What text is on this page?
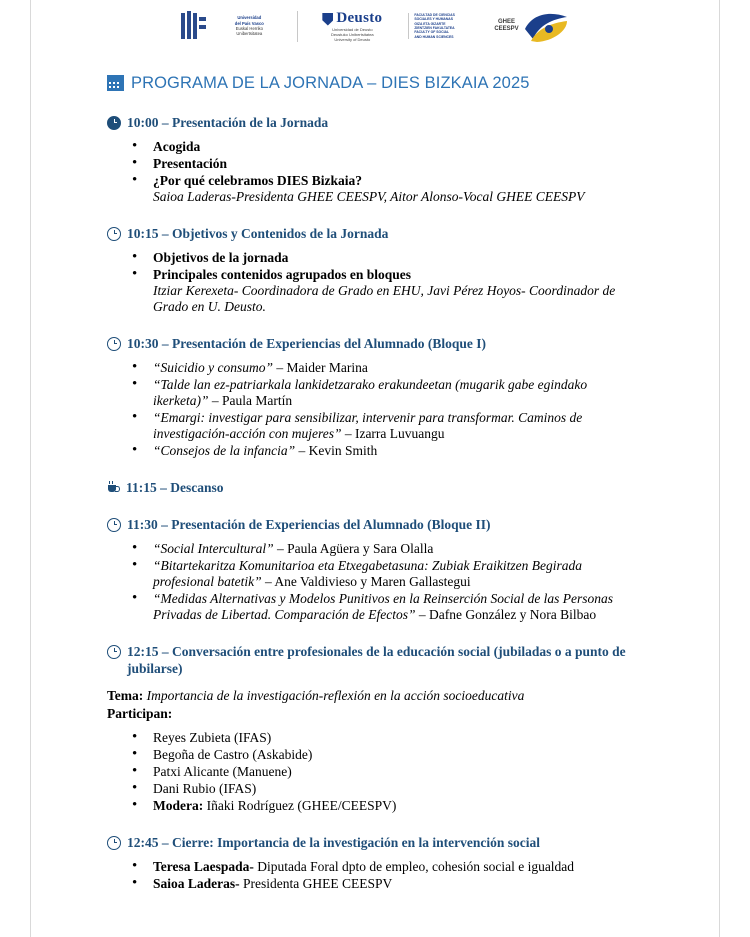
Universidad
del País Vasco
Euskal Herriko
Unibertsitatea
Deusto
Universidad de Deusto
Deustuko Unibertsitatea
University of Deusto
FACULTAD DE CIENCIAS
SOCIALES Y HUMANAS
GIZA ETA GIZARTE
ZIENTZIEN FAKULTATEA
FACULTY OF SOCIAL
AND HUMAN SCIENCES
GHEE
CEESPV
PROGRAMA DE LA JORNADA – DIES BIZKAIA 2025
10:00 – Presentación de la Jornada
• Acogida
• Presentación
• ¿Por qué celebramos DIES Bizkaia?
Saioa Laderas-Presidenta GHEE CEESPV, Aitor Alonso-Vocal GHEE CEESPV
10:15 – Objetivos y Contenidos de la Jornada
• Objetivos de la jornada
• Principales contenidos agrupados en bloques
Itziar Kerexeta- Coordinadora de Grado en EHU, Javi Pérez Hoyos- Coordinador de Grado en U. Deusto.
10:30 – Presentación de Experiencias del Alumnado (Bloque I)
• “Suicidio y consumo” – Maider Marina
• “Talde lan ez-patriarkala lankidetzarako erakundeetan (mugarik gabe egindako ikerketa)” – Paula Martín
• “Emargi: investigar para sensibilizar, intervenir para transformar. Caminos de investigación-acción con mujeres” – Izarra Luvuangu
• “Consejos de la infancia” – Kevin Smith
11:15 – Descanso
11:30 – Presentación de Experiencias del Alumnado (Bloque II)
• “Social Intercultural” – Paula Agüera y Sara Olalla
• “Bitartekaritza Komunitarioa eta Etxegabetasuna: Zubiak Eraikitzen Begirada profesional batetik” – Ane Valdivieso y Maren Gallastegui
• “Medidas Alternativas y Modelos Punitivos en la Reinserción Social de las Personas Privadas de Libertad. Comparación de Efectos” – Dafne González y Nora Bilbao
12:15 – Conversación entre profesionales de la educación social (jubiladas o a punto de jubilarse)

Tema: Importancia de la investigación-reflexión en la acción socioeducativa

Participan:

• Reyes Zubieta (IFAS)
• Begoña de Castro (Askabide)
• Patxi Alicante (Manuene)
• Dani Rubio (IFAS)
• Modera: Iñaki Rodríguez (GHEE/CEESPV)
12:45 – Cierre: Importancia de la investigación en la intervención social
• Teresa Laespada- Diputada Foral dpto de empleo, cohesión social e igualdad
• Saioa Laderas- Presidenta GHEE CEESPV
